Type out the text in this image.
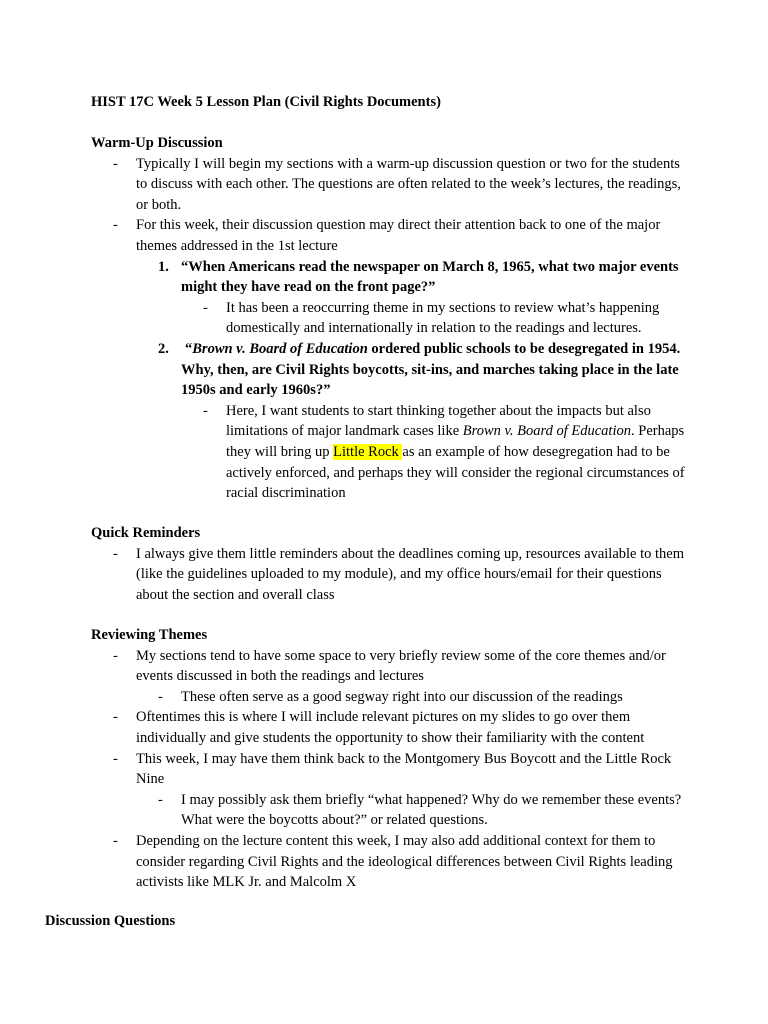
HIST 17C Week 5 Lesson Plan (Civil Rights Documents)
Warm-Up Discussion
- Typically I will begin my sections with a warm-up discussion question or two for the students to discuss with each other. The questions are often related to the week’s lectures, the readings, or both.
- For this week, their discussion question may direct their attention back to one of the major themes addressed in the 1st lecture
1. “When Americans read the newspaper on March 8, 1965, what two major events might they have read on the front page?”
- It has been a reoccurring theme in my sections to review what’s happening domestically and internationally in relation to the readings and lectures.
2. “Brown v. Board of Education ordered public schools to be desegregated in 1954. Why, then, are Civil Rights boycotts, sit-ins, and marches taking place in the late 1950s and early 1960s?”
- Here, I want students to start thinking together about the impacts but also limitations of major landmark cases like Brown v. Board of Education. Perhaps they will bring up Little Rock as an example of how desegregation had to be actively enforced, and perhaps they will consider the regional circumstances of racial discrimination
Quick Reminders
- I always give them little reminders about the deadlines coming up, resources available to them (like the guidelines uploaded to my module), and my office hours/email for their questions about the section and overall class
Reviewing Themes
- My sections tend to have some space to very briefly review some of the core themes and/or events discussed in both the readings and lectures
- These often serve as a good segway right into our discussion of the readings
- Oftentimes this is where I will include relevant pictures on my slides to go over them individually and give students the opportunity to show their familiarity with the content
- This week, I may have them think back to the Montgomery Bus Boycott and the Little Rock Nine
- I may possibly ask them briefly “what happened? Why do we remember these events? What were the boycotts about?” or related questions.
- Depending on the lecture content this week, I may also add additional context for them to consider regarding Civil Rights and the ideological differences between Civil Rights leading activists like MLK Jr. and Malcolm X
Discussion Questions
